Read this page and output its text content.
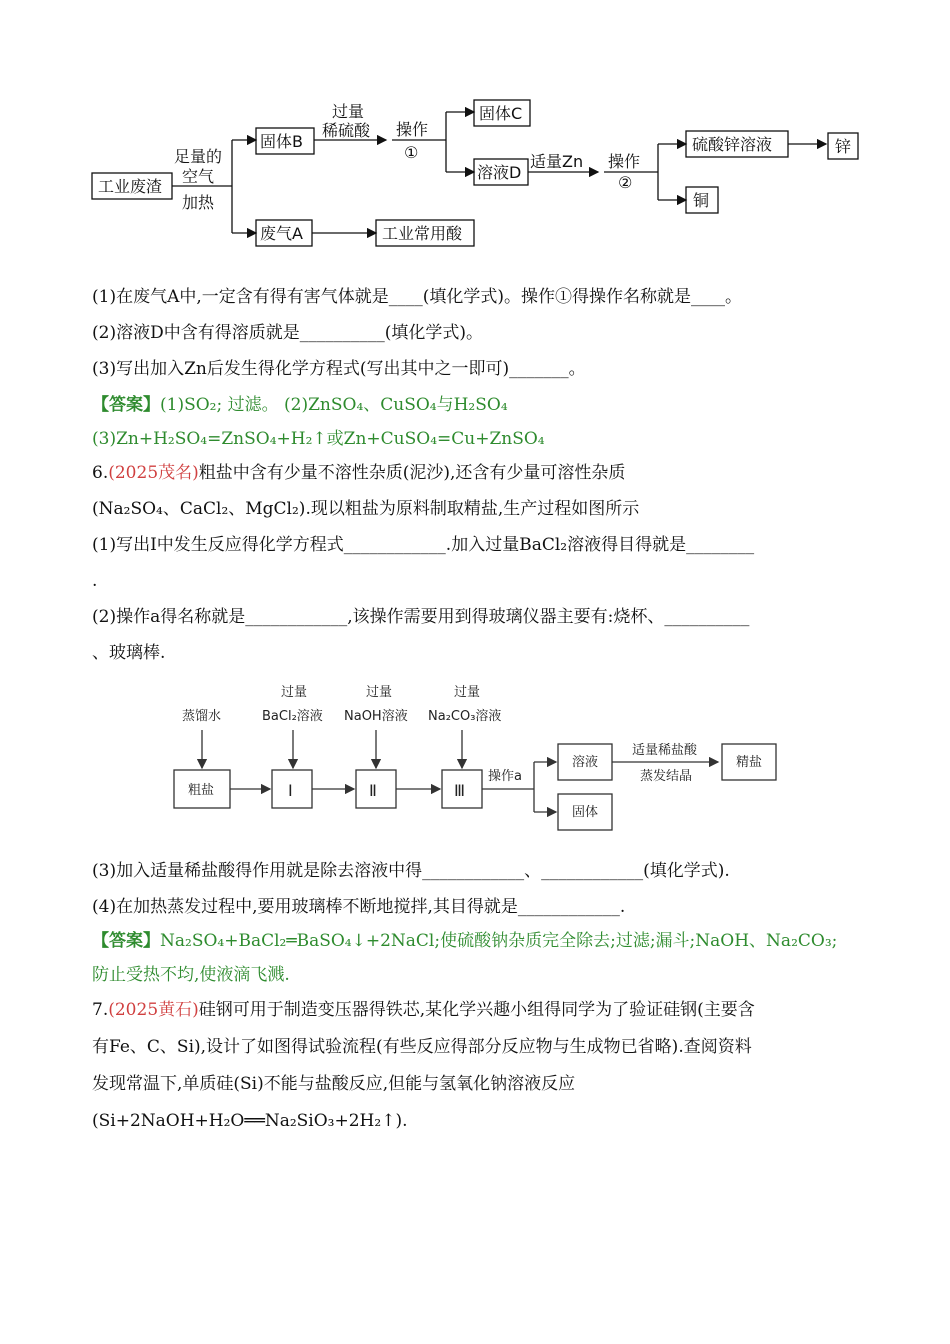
工业废渣
足量的
空气
加热
固体B
废气A	工业常用酸
过量
稀硫酸 操作
①
固体C
溶液D
适量Zn 操作
②
硫酸锌溶液
铜
锌
(1)在废气A中,一定含有得有害气体就是____(填化学式)。操作①得操作名称就是____。
(2)溶液D中含有得溶质就是__________(填化学式)。
(3)写出加入Zn后发生得化学方程式(写出其中之一即可)_______。
【答案】(1)SO₂; 过滤。 (2)ZnSO₄、CuSO₄与H₂SO₄
(3)Zn+H₂SO₄=ZnSO₄+H₂↑或Zn+CuSO₄=Cu+ZnSO₄
6.(2025茂名)粗盐中含有少量不溶性杂质(泥沙),还含有少量可溶性杂质
(Na₂SO₄、CaCl₂、MgCl₂).现以粗盐为原料制取精盐,生产过程如图所示
(1)写出Ⅰ中发生反应得化学方程式____________.加入过量BaCl₂溶液得目得就是________
.
(2)操作a得名称就是____________,该操作需要用到得玻璃仪器主要有:烧杯、__________
、玻璃棒.
蒸馏水
过量
BaCl₂溶液
过量
NaOH溶液
过量
Na₂CO₃溶液
粗盐	Ⅰ	Ⅱ	Ⅲ
操作a
溶液
固体
适量稀盐酸
蒸发结晶
精盐
(3)加入适量稀盐酸得作用就是除去溶液中得____________、____________(填化学式).
(4)在加热蒸发过程中,要用玻璃棒不断地搅拌,其目得就是____________.
【答案】Na₂SO₄+BaCl₂═BaSO₄↓+2NaCl;使硫酸钠杂质完全除去;过滤;漏斗;NaOH、Na₂CO₃;
防止受热不均,使液滴飞溅.
7.(2025黄石)硅钢可用于制造变压器得铁芯,某化学兴趣小组得同学为了验证硅钢(主要含
有Fe、C、Si),设计了如图得试验流程(有些反应得部分反应物与生成物已省略).查阅资料
发现常温下,单质硅(Si)不能与盐酸反应,但能与氢氧化钠溶液反应
(Si+2NaOH+H₂O══Na₂SiO₃+2H₂↑).
